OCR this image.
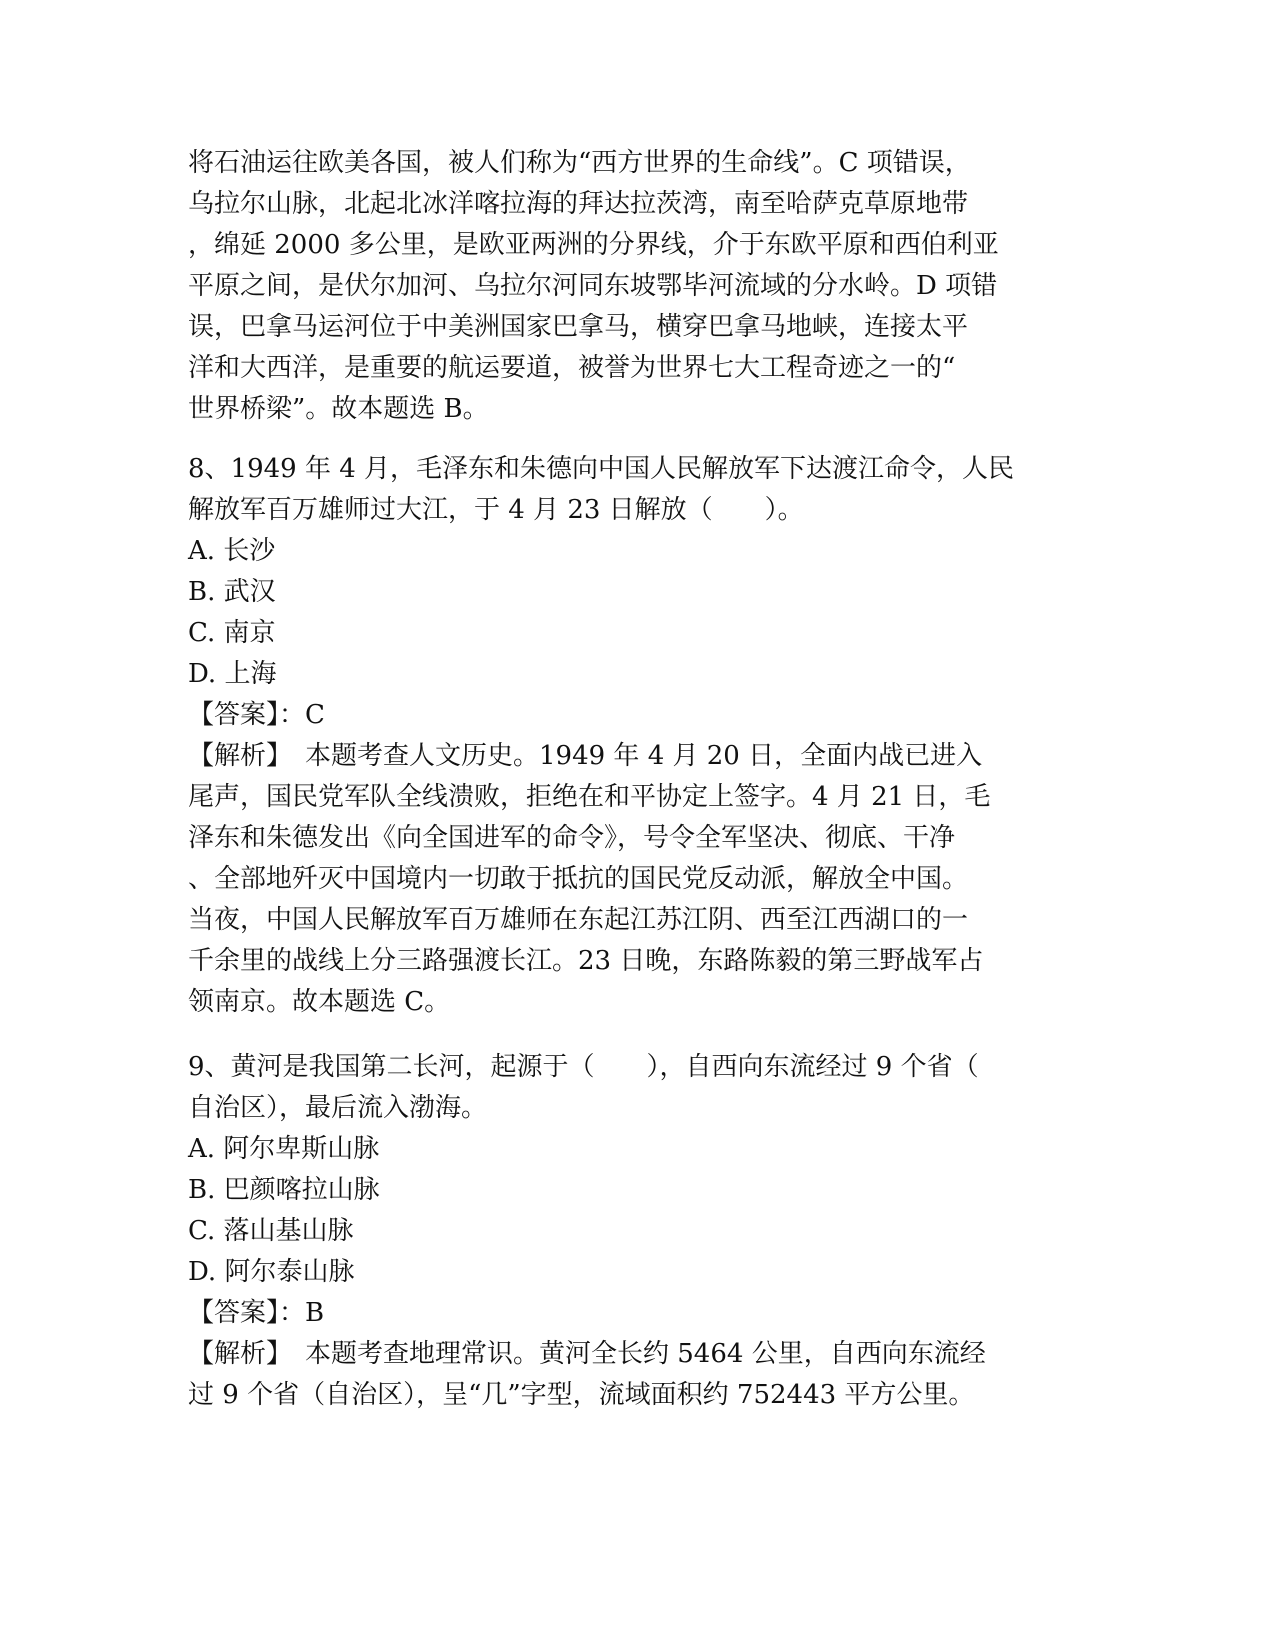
将石油运往欧美各国，被人们称为“西方世界的生命线”。C 项错误，
乌拉尔山脉，北起北冰洋喀拉海的拜达拉茨湾，南至哈萨克草原地带
，绵延 2000 多公里，是欧亚两洲的分界线，介于东欧平原和西伯利亚
平原之间，是伏尔加河、乌拉尔河同东坡鄂毕河流域的分水岭。D 项错
误，巴拿马运河位于中美洲国家巴拿马，横穿巴拿马地峡，连接太平
洋和大西洋，是重要的航运要道，被誉为世界七大工程奇迹之一的“
世界桥梁”。故本题选 B。
8、1949 年 4 月，毛泽东和朱德向中国人民解放军下达渡江命令，人民
解放军百万雄师过大江，于 4 月 23 日解放（　　）。
A. 长沙
B. 武汉
C. 南京
D. 上海
【答案】：C
【解析】　本题考查人文历史。1949 年 4 月 20 日，全面内战已进入
尾声，国民党军队全线溃败，拒绝在和平协定上签字。4 月 21 日，毛
泽东和朱德发出《向全国进军的命令》，号令全军坚决、彻底、干净
、全部地歼灭中国境内一切敢于抵抗的国民党反动派，解放全中国。
当夜，中国人民解放军百万雄师在东起江苏江阴、西至江西湖口的一
千余里的战线上分三路强渡长江。23 日晚，东路陈毅的第三野战军占
领南京。故本题选 C。
9、黄河是我国第二长河，起源于（　　），自西向东流经过 9 个省（
自治区），最后流入渤海。
A. 阿尔卑斯山脉
B. 巴颜喀拉山脉
C. 落山基山脉
D. 阿尔泰山脉
【答案】：B
【解析】　本题考查地理常识。黄河全长约 5464 公里，自西向东流经
过 9 个省（自治区），呈“几”字型，流域面积约 752443 平方公里。
